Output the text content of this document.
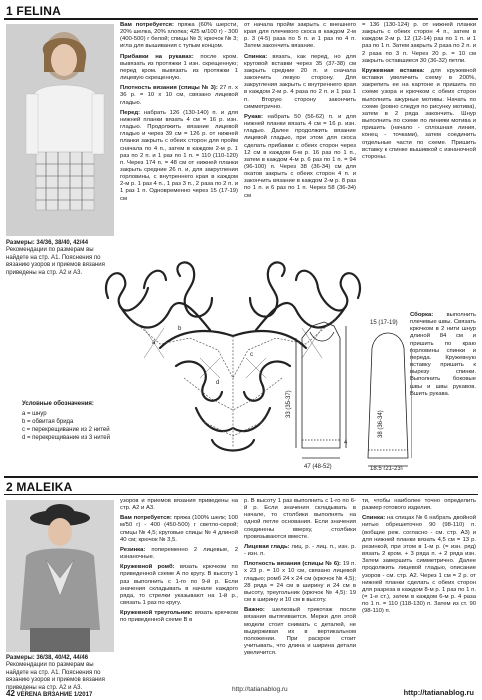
1 FELINA
Размеры: 34/36, 38/40, 42/44
Рекомендации по размерам вы найдете на стр. A1. Пояснения по вязанию узоров и приемов вязания приведены на стр. A2 и A3.

Вам потребуется: пряжа (60% шерсти, 20% шелка, 20% хлопка; 425 м/100 г) - 300 (400-500) г белой; спицы № 3; крючок № 3; игла для вышивания с тупым концом.

Прибавки на рукавах: после кром. вывязать из протяжки 1 изн. скрещенную; перед кром. вывязать из протяжки 1 лицевую скрещенную.

Плотность вязания (спицы № 3): 27 п. x 36 р. = 10 x 10 см, связано лицевой гладью.

Перед: набрать 126 (130-140) п. и для нижней планки вязать 4 см = 16 р. изн. гладью. Продолжить вязание лицевой гладью и через 39 см = 126 р. от нижней планки закрыть с обеих сторон для пройм сначала по 4 п., затем в каждом 2-м р. 1 раз по 2 п. и 1 раз по 1 п. = 110 (110-120) п. Через 174 п. = 48 см от нижней планки закрыть средние 26 п. и, для закругления горловины, с внутреннего края в каждом 2-м р. 1 раз 4 п., 1 раз 3 п., 2 раза по 2 п. и 1 раз 1 п. Одновременно через 15 (17-19) см

от начала пройм закрыть с внешнего края для плечевого скоса в каждом 2-м р. 3 (4-5) раза по 5 п. и 1 раз по 4 п. Затем закончить вязание.

Спинка: вязать, как перед, но для круговой вставки через 35 (37-38) см закрыть средние 20 п. и сначала закончить левую сторону. Для закругления закрыть с внутреннего края в каждом 2-м р. 4 раза по 2 п. и 1 раз 1 п. Вторую сторону закончить симметрично.

Рукав: набрать 50 (56-62) п. и для нижней планки вязать 4 см = 16 р. изн. гладью. Далее продолжить вязание лицевой гладью, при этом для скоса сделать прибавки с обеих сторон через 12 см в каждом 6-м р. 16 раз по 1 п., затем в каждом 4-м р. 6 раз по 1 п. = 94 (96-100) п. Через 38 (36-34) см для окатов закрыть с обеих сторон 4 п. и закончить вязание в каждом 2-м р. 8 раз по 1 п. и 6 раз по 1 п. Через 58 (36-34) см

= 136 (130-124) р. от нижней планки закрыть с обеих сторон 4 п., затем в каждом 2-м р. 12 (12-14) раз по 1 п. и 1 раз по 1 п. Затем закрыть 2 раза по 2 п. и 2 раза по 3 п. Через 20 р. = 10 см закрыть оставшиеся 30 (36-32) петли.

Кружевная вставка: для кружевной вставки увеличить схему в 200%, закрепить ее на картоне и пришить по схеме узора и крючком с обеих сторон выполнить ажурные мотивы. Начать по схеме (ровно следуя по рисунку мотива), затем в 2 ряда закончить. Шнур выполнить по схеме по линиям мотива и пришить (начало - сплошная линия, конец - точками), затем соединить отдельные части по схеме. Пришить вставку к спинке вышивкой с изнаночной стороны.

Сборка: выполнить плечевые швы. Связать крючком в 2 нити шнур длиной 84 см и пришить по краю горловины спинки и переда. Кружевную вставку пришить к вырезу спинки. Выполнить боковые швы и швы рукавов. Вшить рукава.

a
b
c
d
15 (17-19)
33 (35-37)
4
47 (48-52)
38 (36-34)
18,5 (21-23)
Условные обозначения:
a = шнур
b = обвитая брида
c = перекрещивание из 2 нитей
d = перекрещивание из 3 нитей
2 MALEIKA
Размеры: 36/38, 40/42, 44/46
Рекомендации по размерам вы найдете на стр. A1. Пояснения по вязанию узоров и приемов вязания приведены на стр. A2 и A3.

узоров и приемов вязания приведены на стр. A2 и A3.

Вам потребуется: пряжа (100% шелк; 100 м/50 г) - 400 (450-500) г светло-серой; спицы № 4,5; круговые спицы № 4 длиной 40 см; крючок № 3,5.

Резинка: попеременно 2 лицевые, 2 изнаночные.

Кружевной ромб: вязать крючком по приведенной схеме А по кругу. В высоту 1 раз выполнить с 1-го по 9-й р. Если значения складывать в начале каждого ряда, то стрелки указывают на 1-й р., связать 1 раз по кругу.

Кружевной треугольник: вязать крючком по приведенной схеме В в

р. В высоту 1 раз выполнить с 1-го по 6-й р. Если значения складывать в начале, то столбики выполнять на одной петле основания. Если значения соединены вверху, столбики провязываются вместе.

Лицевая гладь: лиц. р. - лиц. п., изн. р. - изн. п.

Плотность вязания (спицы № 6): 19 п. x 23 р. = 10 x 10 см, связано лицевой гладью; ромб 24 x 24 см (крючок № 4,5); 28 ряда = 24 см в ширину и 24 см в высоту, треугольник (крючок № 4,5): 19 см в ширину и 10 см в высоту.

Важно: шелковый трикотаж после вязания вытягивается. Мерки для этой модели стоит снимать с деталей, не выдерживая их в вертикальном положении. При раскрое стоит учитывать, что длина и ширина детали увеличится.

ти, чтобы наиболее точно определить размер готового изделия.

Спинка: на спицах № 6 набрать двойной нитью обрешеточно 90 (98-110) п. (вобщие реж. согласно - см. стр. A3) и для нижней планки вязать 4,5 см = 13 р. резинкой, при этом в 1-м р. (= изн. ряд) вязать 2 кром. + 3 ряда п. + 2 ряда изн. Затем завершить симметрично. Далее продолжить лицевой гладью, описание узоров - см. стр. A2. Через 1 см = 2 р. от нижней планки сделать с обеих сторон для разреза в каждом 8-м р. 1 раз по 1 п. (= 1-е ст.), затем в каждом 6-м р. 4 раза по 1 п. = 110 (118-130) п. Затем из ст. 90 (98-110) п.

42 VERENA ВЯЗАНИЕ 1/2017
http://tatianablog.ru	http://tatianablog.ru
